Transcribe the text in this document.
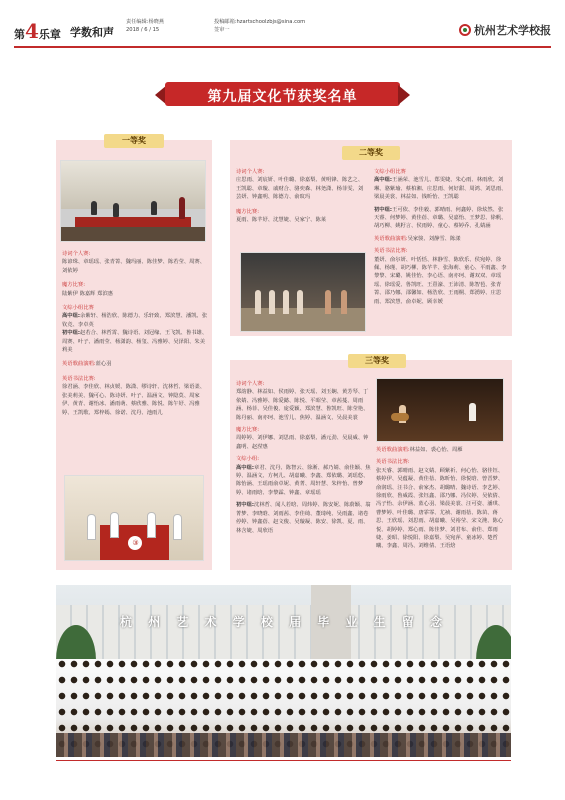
第4乐章 学数和声
责任编辑:杨晓燕
2018 / 6 / 15
投稿邮箱:hzartschoolzbjs@sina.com
签审一	杭州艺术学校报
第九届文化节获奖名单
一等奖
诗词个人赛:
陈谚珠、章瑶瑶、张青箐、魏玛丽、陈佳梦、陈若莹、周赛、刘依婷
魔方比赛:
陆紫伊 陈嘉辉 郑滨惠
文综小组比赛
高中组:余紫轩、杨浩欣、陈德力、乐轩致、郑滨慧、潘凯、张钦竞、李卓英
初中组:赵若合、林哲霄、魏诗语、刘冠缘、王飞凯、鲁书雄、周赛、叶子、潘雨莹、杨潇韵、杨玺、冯雅婷、吴泽阳、朱美莉美
英语歌曲演唱:蓝心羽
英语书法比赛:
徐君涵、李佳欣、林贞媛、陈潇、缪诗轩、沈林哲、梁语柔、张美莉美、魏可心、陈诗妍、叶子、温涵文、钟隐莫、周家伊、黄青、谢怡冰、潘雨萌、蔡欣雅、陈悦、陈午妤、冯雅婷、王凯歌、郑梓嫣、徐诺、沈丹、池雨儿
③
二等奖
诗词个人赛:
庄思雨、刘宸妍、叶佳璐、徐嘉梨、黄明锋、陈艺之、王凯聪、章璇、戚财合、骆奕森、林尧潇、杨菲雯、刘芸妍、钟鑫明、陈德力、俞旼玛
魔方比赛:
夏雨、陈芊妤、沈慧婕、吴家宁、陈莱
文综小组比赛
高中组:王涵荣、池雪儿、郑雯婕、朱心雨、林雨欣、刘琳、骆紫瑜、蔡柏湘、庄思雨、何好甜、周鸿、刘思雨、梁晨美裳、林益如、钱昕怡、王凯聪
初中组:王可依、李佳毅、郭晴雨、何鑫婷、徐炫然、张天睿、何梦婷、黄佳蓓、章璐、吴嘉怡、王梦思、徐帆、胡巧柳、姚籽言、侯雨婷、童心、蔡婷乔、孔婧涵
英语歌曲演唱:吴家骏、刘静雪、陈漾
英语书法比赛:
董妍、俞尔妍、叶恬恬、林静雪、陈欣乐、侯宛婷、徐佩、杨瑾、胡巧柳、陈芊芊、张海莉、童心、平雨鑫、李黎黎、宋璐、姚佳怡、李心语、南亦珂、谢双双、章瑶瑶、徐瑶爱、鲁凯旺、王熹濠、王沛清、陈智苞、张青箐、邵乃娜、邵馨如、杨浩欣、王雨桐、郑湧婷、庄思雨、郑滨慧、俞卓妮、顾幸媛
三等奖
诗词个人赛:
郑韵静、林益如、侯雨婷、张天瑶、刘玉娴、黄芳琴、丁依婧、冯雅婷、陈爱懿、陈悦、平昭莹、章茜蔓、周雨涵、杨菲、吴佳俊、庞爱颖、郑滨慧、鲁凯旺、陈莹艳、陈丹丽、南亦珂、池雪儿、焦婷、温涵文、吴晨美裳
魔方比赛:
周婷婷、刘伊娜、刘思雨、徐嘉梨、潘元劲、吴晨威、钟鑫明、赵滢惠
文综小组:
高中组:章君、沈丹、陈智云、徐淅、郝乃婧、俞佳颖、焦婷、温涵文、方柯儿、胡嘉曦、李鑫、郑依璐、刘瑶悠、陈怡涵、王瑶雨俞卓妮、黄菁、周轩慧、朱梓怡、曾梦婷、诸雨晗、李黎霖、钟鑫、章瑶瑶
初中组:沈林哲、闻人若晗、周炜婷、陈安妮、陈蔚颖、翁菁梦、李晓晗、刘雨茜、李佳绮、董琦纯、吴雨鑫、诸卷停婷、钟鑫蓓、赵文俊、吴璇凝、陈安、徐凯、夏、雨、林含婕、周欣语
英语歌曲演唱:林益如、裘心怡、周雁
英语书法比赛:
张天睿、郭晴雨、赵文婧、顾紫祈、何心怡、骆佳钰、蔡婷伊、吴蕴凝、黄佳蓓、陈昕怡、徐悦晗、曾晋梦、俞润瑶、汪书合、俞家杰、胡璐晴、魏诗语、李艺婷、徐雨欣、鲁威霞、张钰鑫、邵乃娜、冯仪婷、吴依倩、冯子怡、余伊涵、蓝心羽、梁晨美裳、汪可姿、潘琪、曹梦婷、叶佳璐、唐霏霏、尤祯、谢雨蓓、陈苗、蒋思、王欣瑶、刘思雨、胡嘉曦、吴裕莹、宋文滟、陈心悦、胡婷婷、郑心雨、陈佳梦、刘君布、俞佳、郑雨婕、姜昭、徐悦阳、徐嘉梨、吴宛萍、童冰婷、楚哲曦、李鑫、周冯、刘维倩、王语焓
杭 州 艺 术 学 校 届 毕 业 生 留 念
